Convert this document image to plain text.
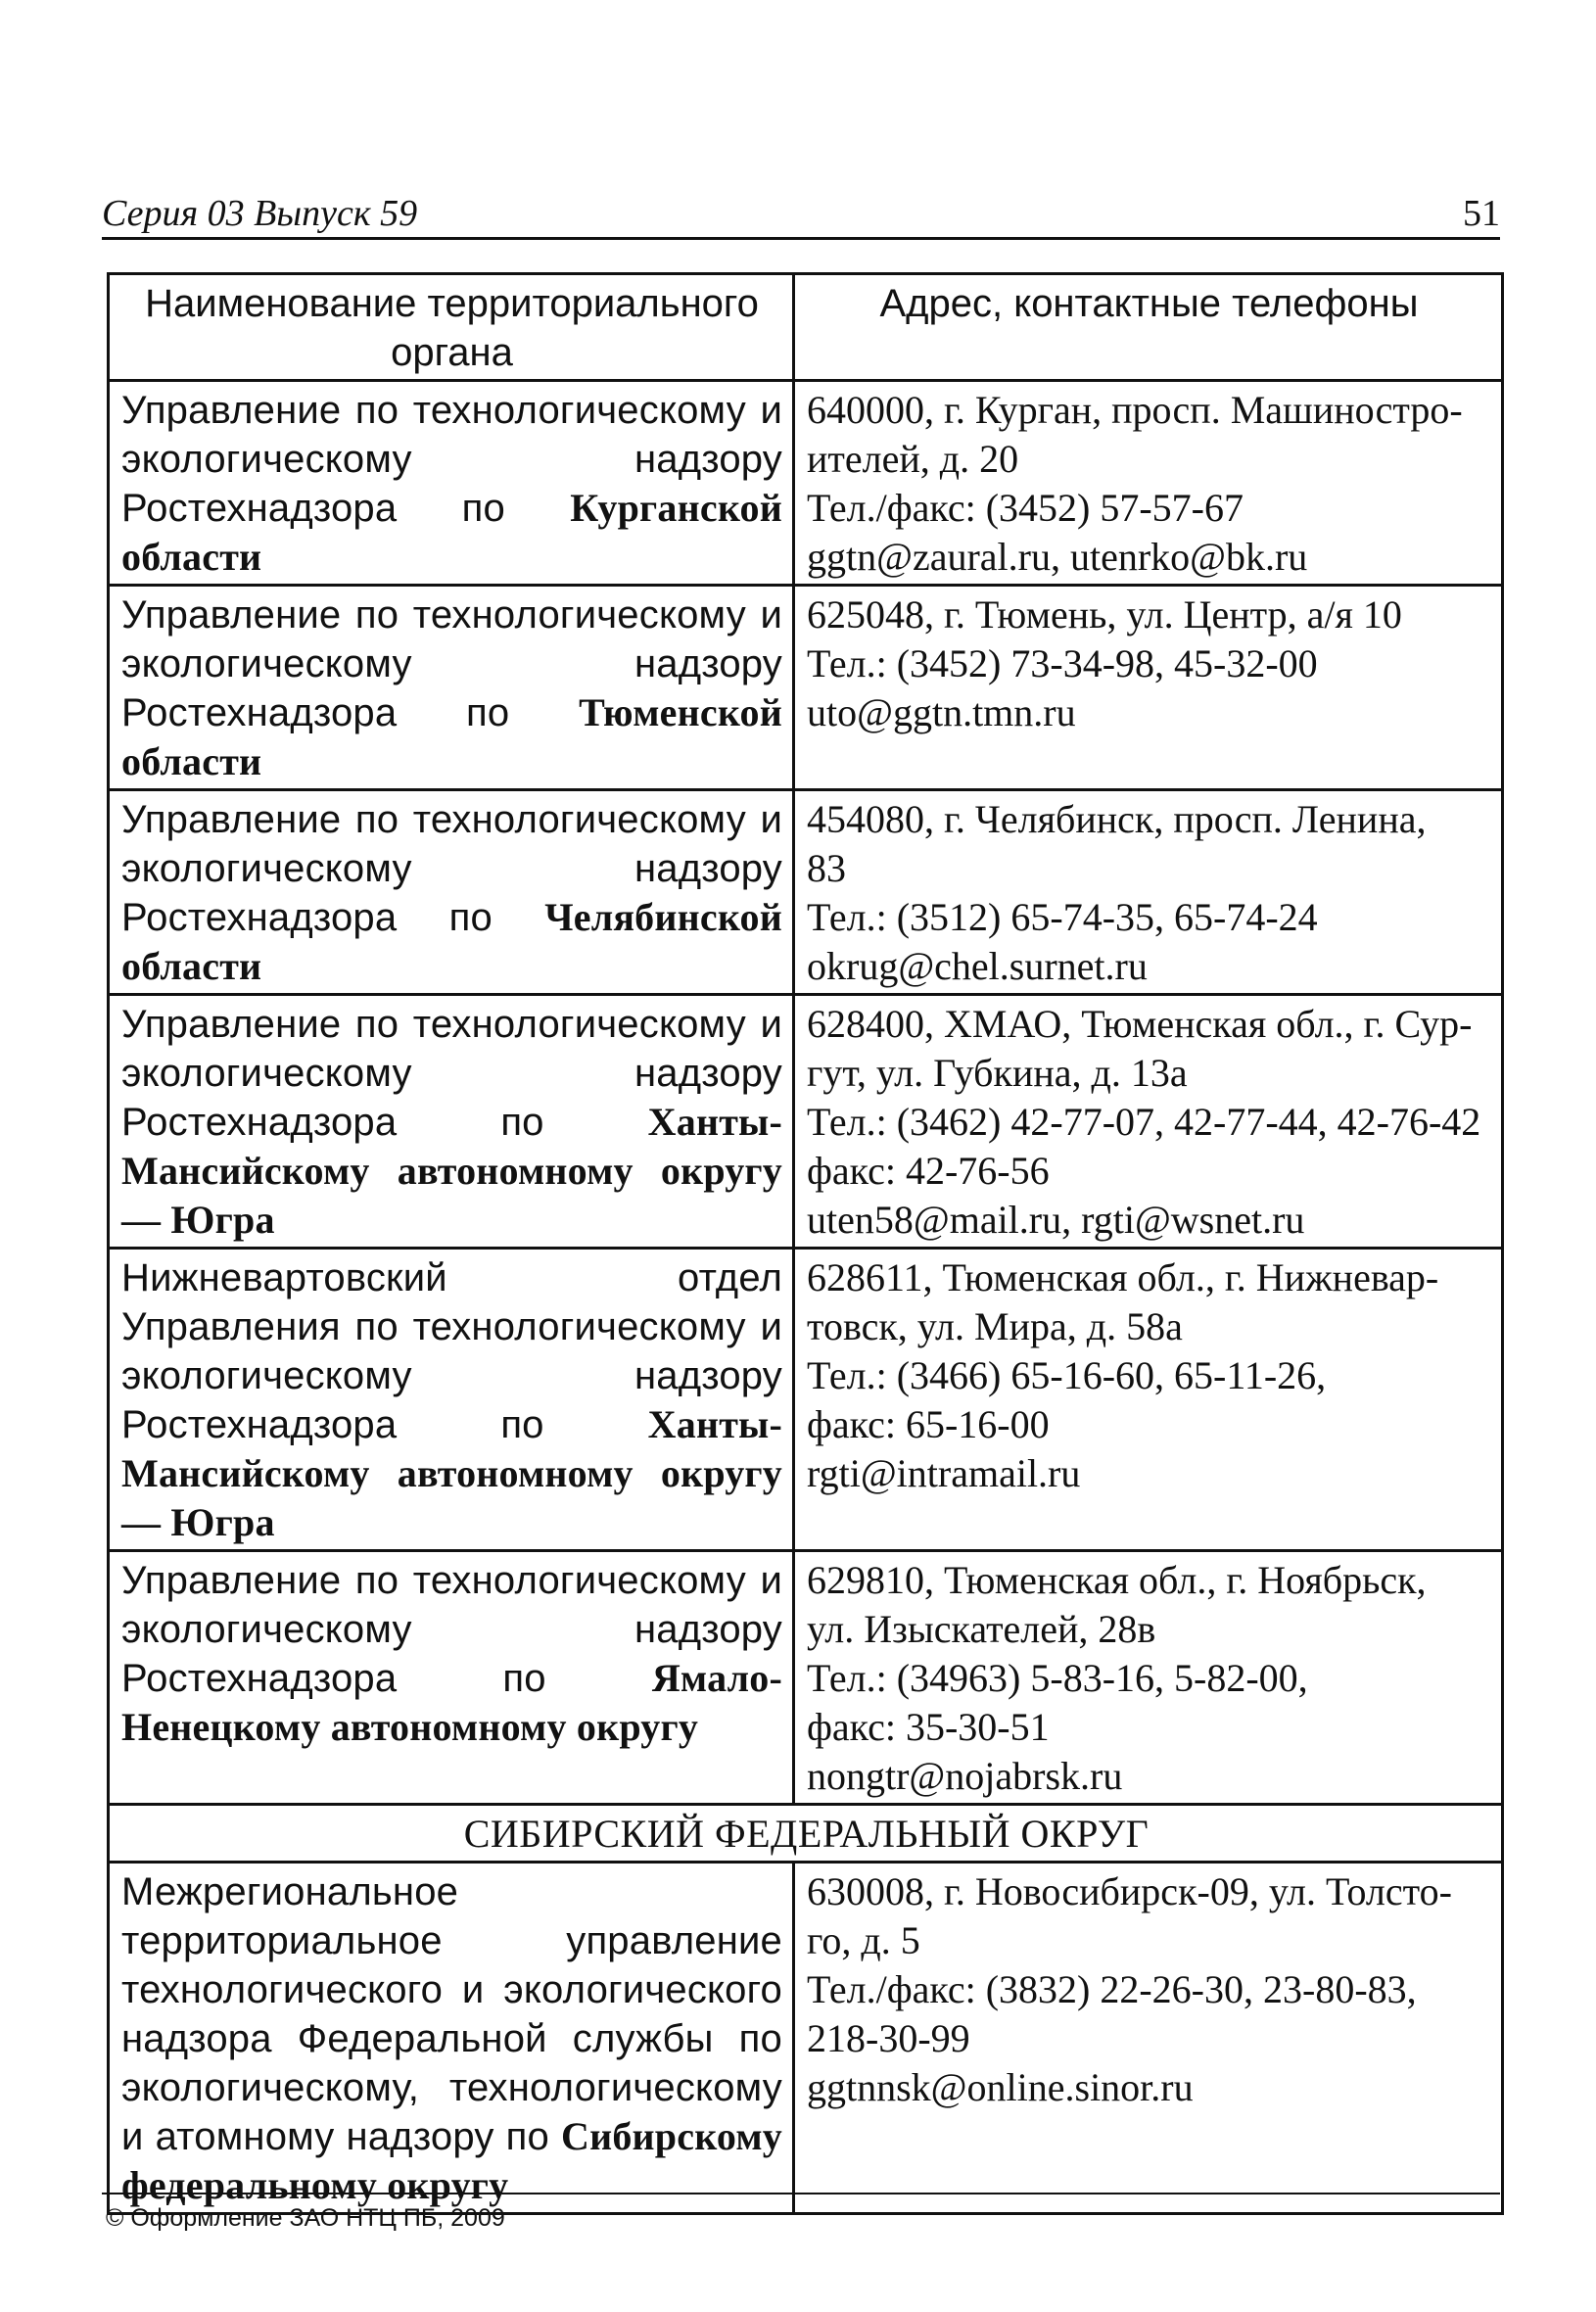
Серия 03 Выпуск 59	51
Наименование территориального органа	Адрес, контактные телефоны
Управление по технологическому и экологическому надзору Ростехнадзора по Курганской области	640000, г. Курган, просп. Машиностро-
ителей, д. 20
Тел./факс: (3452) 57-57-67
ggtn@zaural.ru, utenrko@bk.ru

Управление по технологическому и экологическому надзору Ростехнадзора по Тюменской области	625048, г. Тюмень, ул. Центр, а/я 10
Тел.: (3452) 73-34-98, 45-32-00
uto@ggtn.tmn.ru

Управление по технологическому и экологическому надзору Ростехнадзора по Челябинской области	454080, г. Челябинск, просп. Ленина,
83
Тел.: (3512) 65-74-35, 65-74-24
okrug@chel.surnet.ru

Управление по технологическому и экологическому надзору Ростехнадзора по Ханты-Мансийскому автономному округу — Югра	628400, ХМАО, Тюменская обл., г. Сур-
гут, ул. Губкина, д. 13а
Тел.: (3462) 42-77-07, 42-77-44, 42-76-42
факс: 42-76-56
uten58@mail.ru, rgti@wsnet.ru

Нижневартовский отдел Управления по технологическому и экологическому надзору Ростехнадзора по Ханты-Мансийскому автономному округу — Югра	628611, Тюменская обл., г. Нижневар-
товск, ул. Мира, д. 58а
Тел.: (3466) 65-16-60, 65-11-26,
факс: 65-16-00
rgti@intramail.ru

Управление по технологическому и экологическому надзору Ростехнадзора по Ямало-Ненецкому автономному округу	629810, Тюменская обл., г. Ноябрьск,
ул. Изыскателей, 28в
Тел.: (34963) 5-83-16, 5-82-00,
факс: 35-30-51
nongtr@nojabrsk.ru

СИБИРСКИЙ ФЕДЕРАЛЬНЫЙ ОКРУГ	
Межрегиональное территориальное управление технологического и экологического надзора Федеральной службы по экологическому, технологическому и атомному надзору по Сибирскому федеральному округу	630008, г. Новосибирск-09, ул. Толсто-
го, д. 5
Тел./факс: (3832) 22-26-30, 23-80-83,
218-30-99
ggtnnsk@online.sinor.ru
© Оформление ЗАО НТЦ ПБ, 2009
